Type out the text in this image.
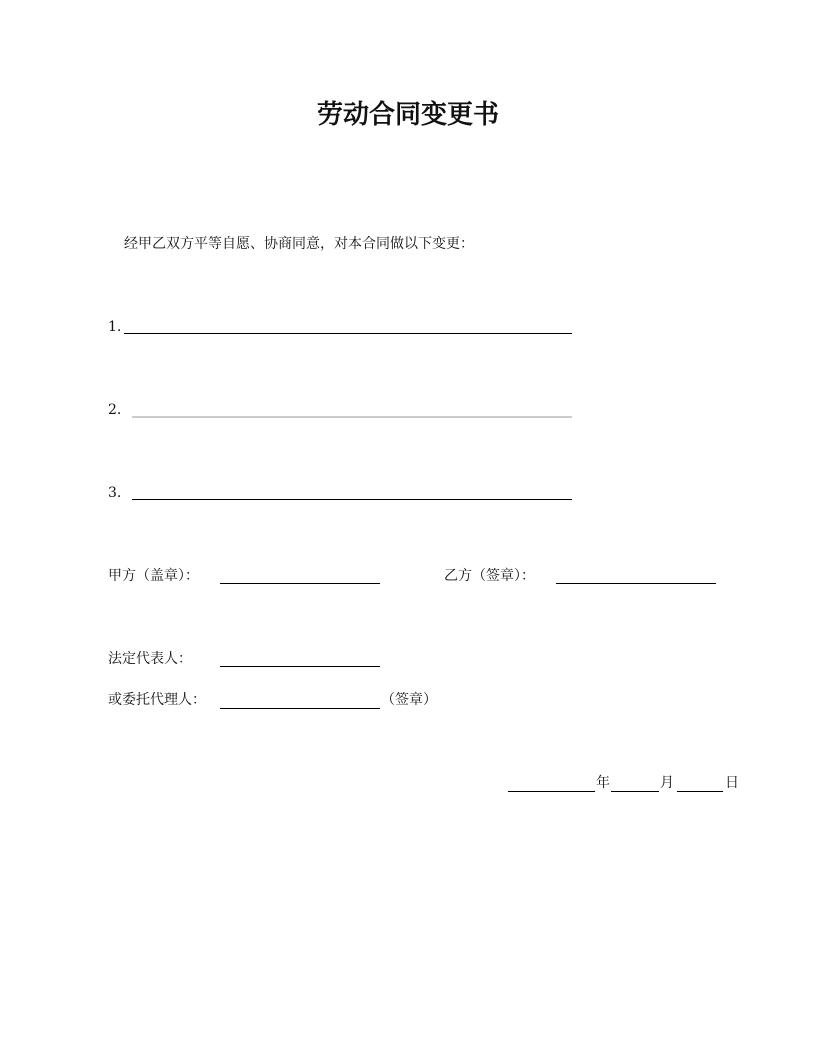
劳动合同变更书
经甲乙双方平等自愿、协商同意，对本合同做以下变更：
1.
2.
3.
甲方（盖章）：	乙方（签章）：
法定代表人：
或委托代理人：	（签章）
年	月	日
